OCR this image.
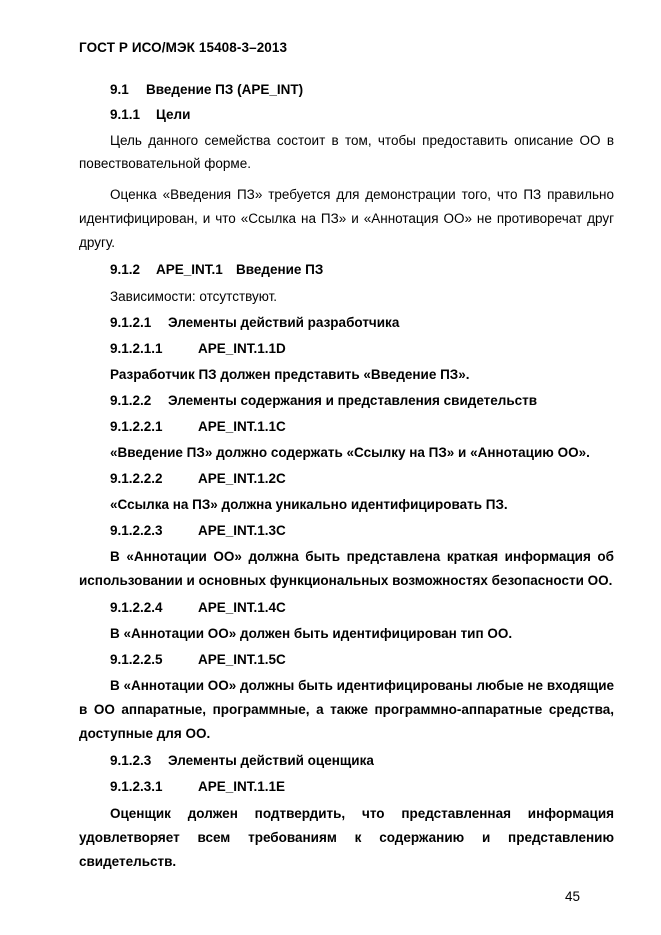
ГОСТ Р ИСО/МЭК 15408-3–2013
9.1 Введение ПЗ (APE_INT)
9.1.1 Цели
Цель данного семейства состоит в том, чтобы предоставить описание ОО в
повествовательной форме.
Оценка «Введения ПЗ» требуется для демонстрации того, что ПЗ правильно
идентифицирован, и что «Ссылка на ПЗ» и «Аннотация ОО» не противоречат друг
другу.
9.1.2 APE_INT.1 Введение ПЗ
Зависимости: отсутствуют.
9.1.2.1 Элементы действий разработчика
9.1.2.1.1	APE_INT.1.1D
Разработчик ПЗ должен представить «Введение ПЗ».
9.1.2.2 Элементы содержания и представления свидетельств
9.1.2.2.1	APE_INT.1.1C
«Введение ПЗ» должно содержать «Ссылку на ПЗ» и «Аннотацию ОО».
9.1.2.2.2	APE_INT.1.2C
«Ссылка на ПЗ» должна уникально идентифицировать ПЗ.
9.1.2.2.3	APE_INT.1.3C
В «Аннотации ОО» должна быть представлена краткая информация об
использовании и основных функциональных возможностях безопасности ОО.
9.1.2.2.4	APE_INT.1.4C
В «Аннотации ОО» должен быть идентифицирован тип ОО.
9.1.2.2.5	APE_INT.1.5C
В «Аннотации ОО» должны быть идентифицированы любые не входящие
в ОО аппаратные, программные, а также программно-аппаратные средства,
доступные для ОО.
9.1.2.3 Элементы действий оценщика
9.1.2.3.1	APE_INT.1.1E
Оценщик должен подтвердить, что представленная информация
удовлетворяет всем требованиям к содержанию и представлению
свидетельств.
45
